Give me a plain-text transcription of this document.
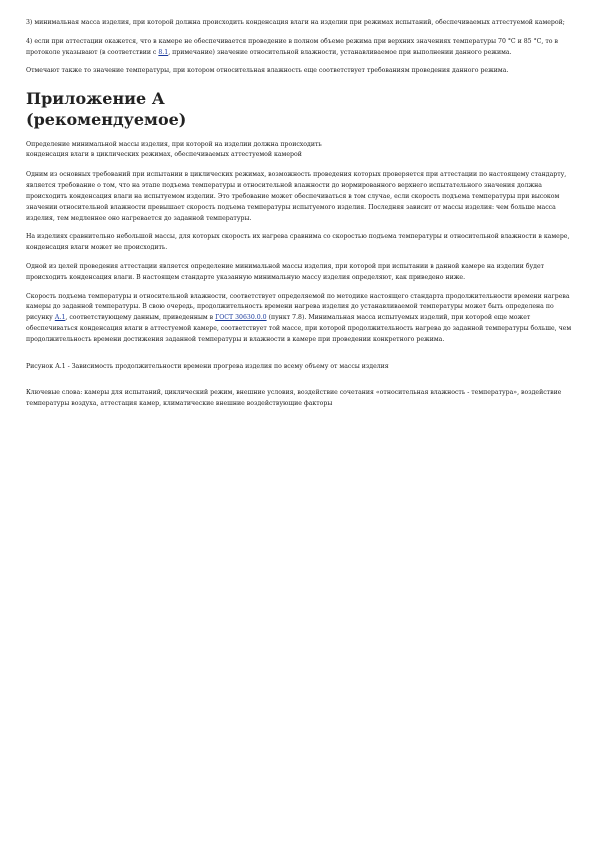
3) минимальная масса изделия, при которой должна происходить конденсация влаги на изделии при режимах испытаний, обеспечиваемых аттестуемой камерой;

4) если при аттестации окажется, что в камере не обеспечивается проведение в полном объеме режима при верхних значениях температуры 70 °С и 85 °С, то в протоколе указывают (в соответствии с 8.1, примечание) значение относительной влажности, устанавливаемое при выполнении данного режима.

Отмечают также то значение температуры, при котором относительная влажность еще соответствует требованиям проведения данного режима.

Приложение А
(рекомендуемое)

Определение минимальной массы изделия, при которой на изделии должна происходить
конденсация влаги в циклических режимах, обеспечиваемых аттестуемой камерой

Одним из основных требований при испытании в циклических режимах, возможность проведения которых проверяется при аттестации по настоящему стандарту, является требование о том, что на этапе подъема температуры и относительной влажности до нормированного верхнего испытательного значения должна происходить конденсация влаги на испытуемом изделии. Это требование может обеспечиваться в том случае, если скорость подъема температуры при высоком значении относительной влажности превышает скорость подъема температуры испытуемого изделия. Последняя зависит от массы изделия: чем больше масса изделия, тем медленнее оно нагревается до заданной температуры.

На изделиях сравнительно небольшой массы, для которых скорость их нагрева сравнима со скоростью подъема температуры и относительной влажности в камере, конденсация влаги может не происходить.

Одной из целей проведения аттестации является определение минимальной массы изделия, при которой при испытании в данной камере на изделии будет происходить конденсация влаги. В настоящем стандарте указанную минимальную массу изделия определяют, как приведено ниже.

Скорость подъема температуры и относительной влажности, соответствует определяемой по методике настоящего стандарта продолжительности времени нагрева камеры до заданной температуры. В свою очередь, продолжительность времени нагрева изделия до устанавливаемой температуры может быть определена по рисунку А.1, соответствующему данным, приведенным в ГОСТ 30630.0.0 (пункт 7.8). Минимальная масса испытуемых изделий, при которой еще может обеспечиваться конденсация влаги в аттестуемой камере, соответствует той массе, при которой продолжительность нагрева до заданной температуры больше, чем продолжительность времени достижения заданной температуры и влажности в камере при проведении конкретного режима.

Рисунок А.1 - Зависимость продолжительности времени прогрева изделия по всему объему от массы изделия

Ключевые слова: камеры для испытаний, циклический режим, внешние условия, воздействие сочетания «относительная влажность - температура», воздействие температуры воздуха, аттестация камер, климатические внешние воздействующие факторы
